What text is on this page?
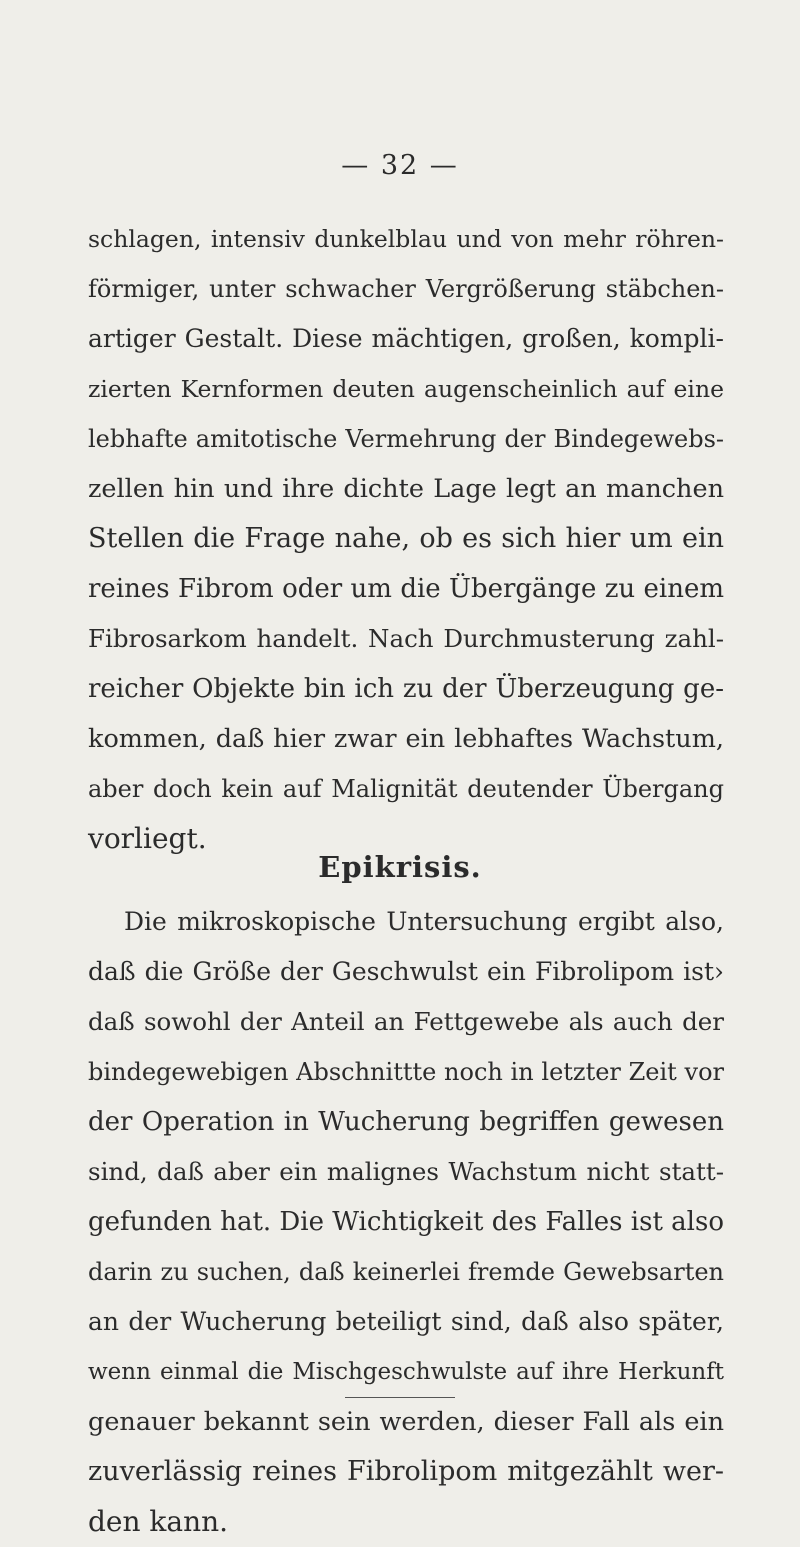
— 32 —
schlagen, intensiv dunkelblau und von mehr röhren-
förmiger, unter schwacher Vergrößerung stäbchen-
artiger Gestalt. Diese mächtigen, großen, kompli-
zierten Kernformen deuten augenscheinlich auf eine
lebhafte amitotische Vermehrung der Bindegewebs-
zellen hin und ihre dichte Lage legt an manchen
Stellen die Frage nahe, ob es sich hier um ein
reines Fibrom oder um die Übergänge zu einem
Fibrosarkom handelt. Nach Durchmusterung zahl-
reicher Objekte bin ich zu der Überzeugung ge-
kommen, daß hier zwar ein lebhaftes Wachstum,
aber doch kein auf Malignität deutender Übergang
vorliegt.
Epikrisis.
Die mikroskopische Untersuchung ergibt also,
daß die Größe der Geschwulst ein Fibrolipom ist›
daß sowohl der Anteil an Fettgewebe als auch der
bindegewebigen Abschnittte noch in letzter Zeit vor
der Operation in Wucherung begriffen gewesen
sind, daß aber ein malignes Wachstum nicht statt-
gefunden hat. Die Wichtigkeit des Falles ist also
darin zu suchen, daß keinerlei fremde Gewebsarten
an der Wucherung beteiligt sind, daß also später,
wenn einmal die Mischgeschwulste auf ihre Herkunft
genauer bekannt sein werden, dieser Fall als ein
zuverlässig reines Fibrolipom mitgezählt wer-
den kann.
